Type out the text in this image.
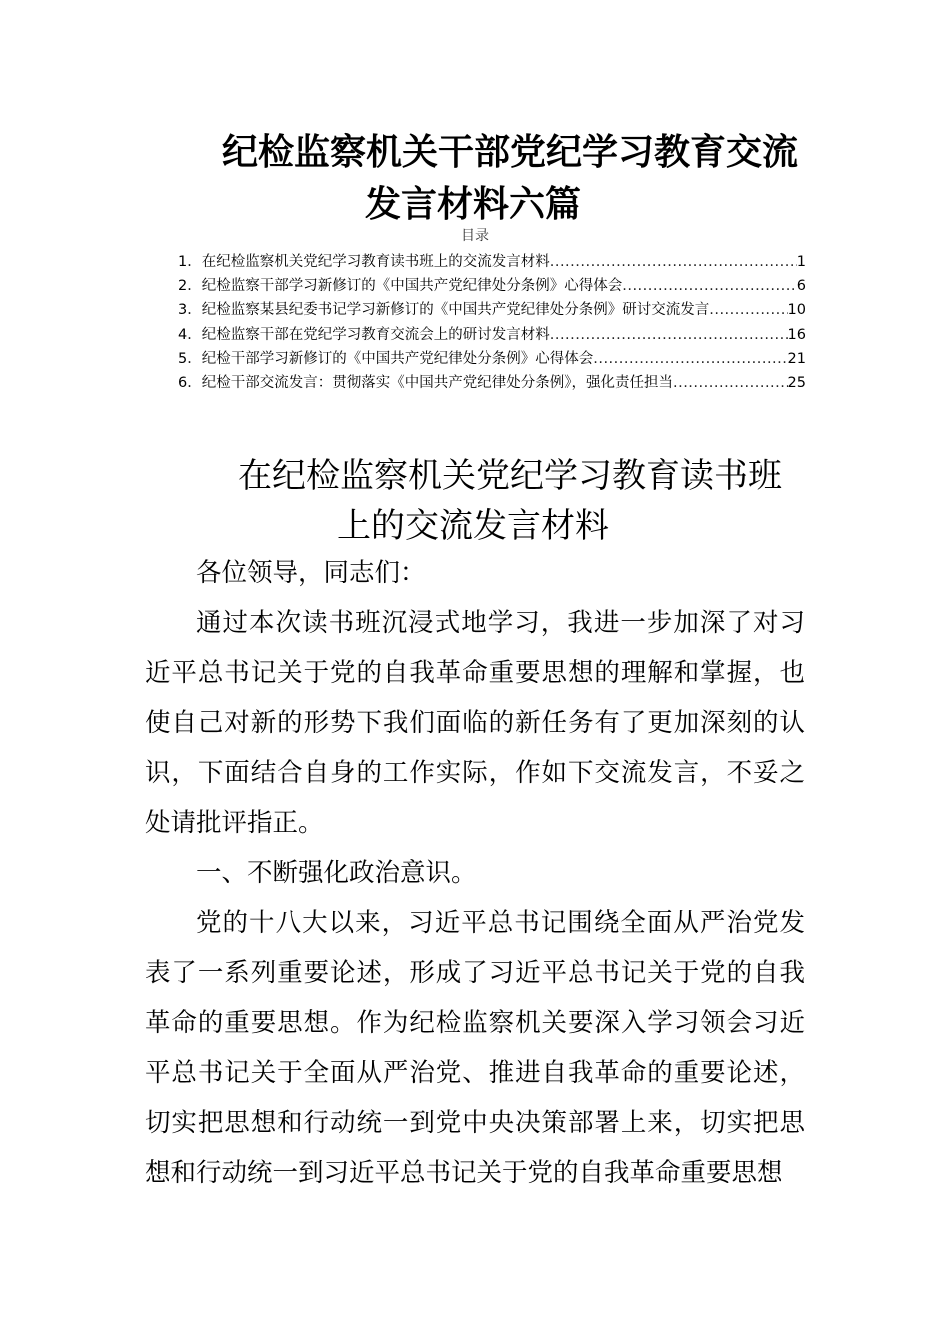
纪检监察机关干部党纪学习教育交流
发言材料六篇
目录
1． 在纪检监察机关党纪学习教育读书班上的交流发言材料 .....	1
2． 纪检监察干部学习新修订的《中国共产党纪律处分条例》心得体会 .....	6
3． 纪检监察某县纪委书记学习新修订的《中国共产党纪律处分条例》研讨交流发言 .....	10
4． 纪检监察干部在党纪学习教育交流会上的研讨发言材料 .....	16
5． 纪检干部学习新修订的《中国共产党纪律处分条例》心得体会 .....	21
6． 纪检干部交流发言：贯彻落实《中国共产党纪律处分条例》，强化责任担当 .....	25
在纪检监察机关党纪学习教育读书班
上的交流发言材料

各位领导，同志们：

通过本次读书班沉浸式地学习，我进一步加深了对习近平总书记关于党的自我革命重要思想的理解和掌握，也使自己对新的形势下我们面临的新任务有了更加深刻的认识，下面结合自身的工作实际，作如下交流发言，不妥之处请批评指正。

一、不断强化政治意识。

党的十八大以来，习近平总书记围绕全面从严治党发表了一系列重要论述，形成了习近平总书记关于党的自我革命的重要思想。作为纪检监察机关要深入学习领会习近平总书记关于全面从严治党、推进自我革命的重要论述，切实把思想和行动统一到党中央决策部署上来，切实把思想和行动统一到习近平总书记关于党的自我革命重要思想
